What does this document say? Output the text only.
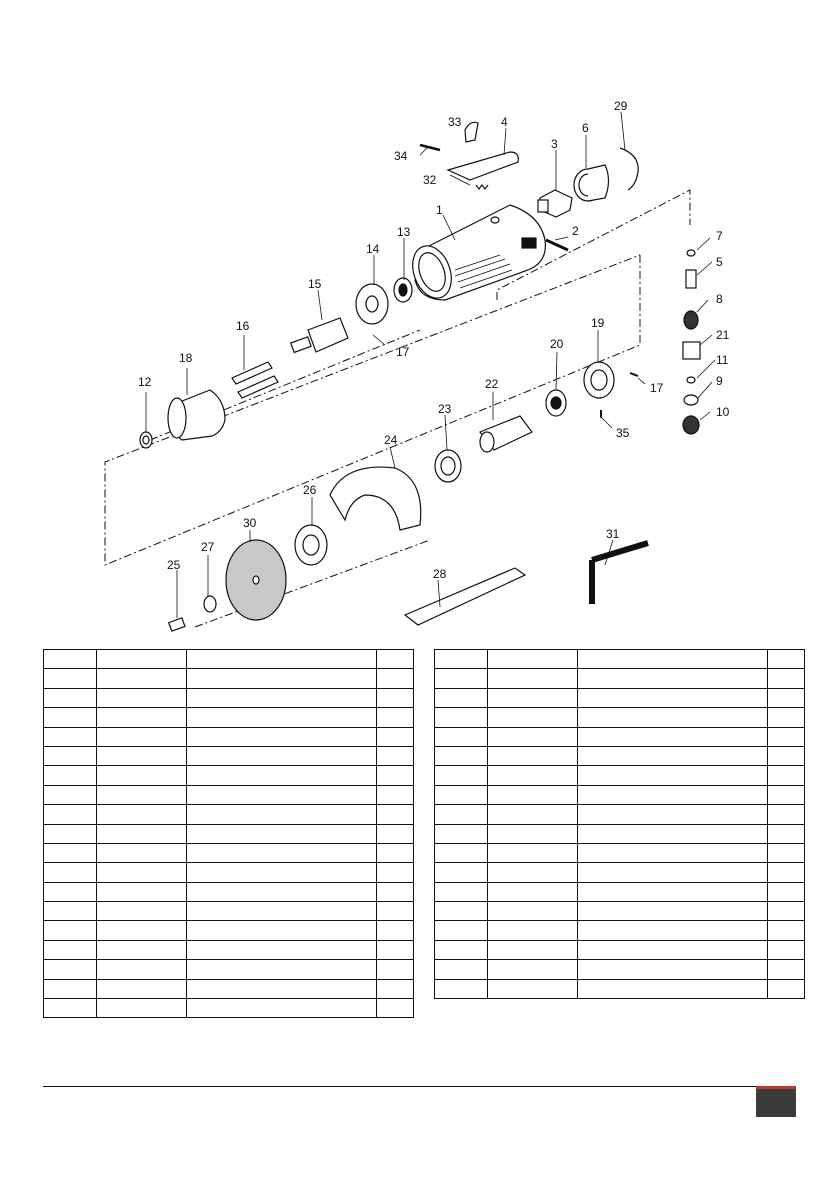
1
2
3
4
5
6
7
8
9
10
11
12
13
14
15
16
17
17
18
19
20
21
22
23
24
25
26
27
28
29
30
31
32
33
34
35
